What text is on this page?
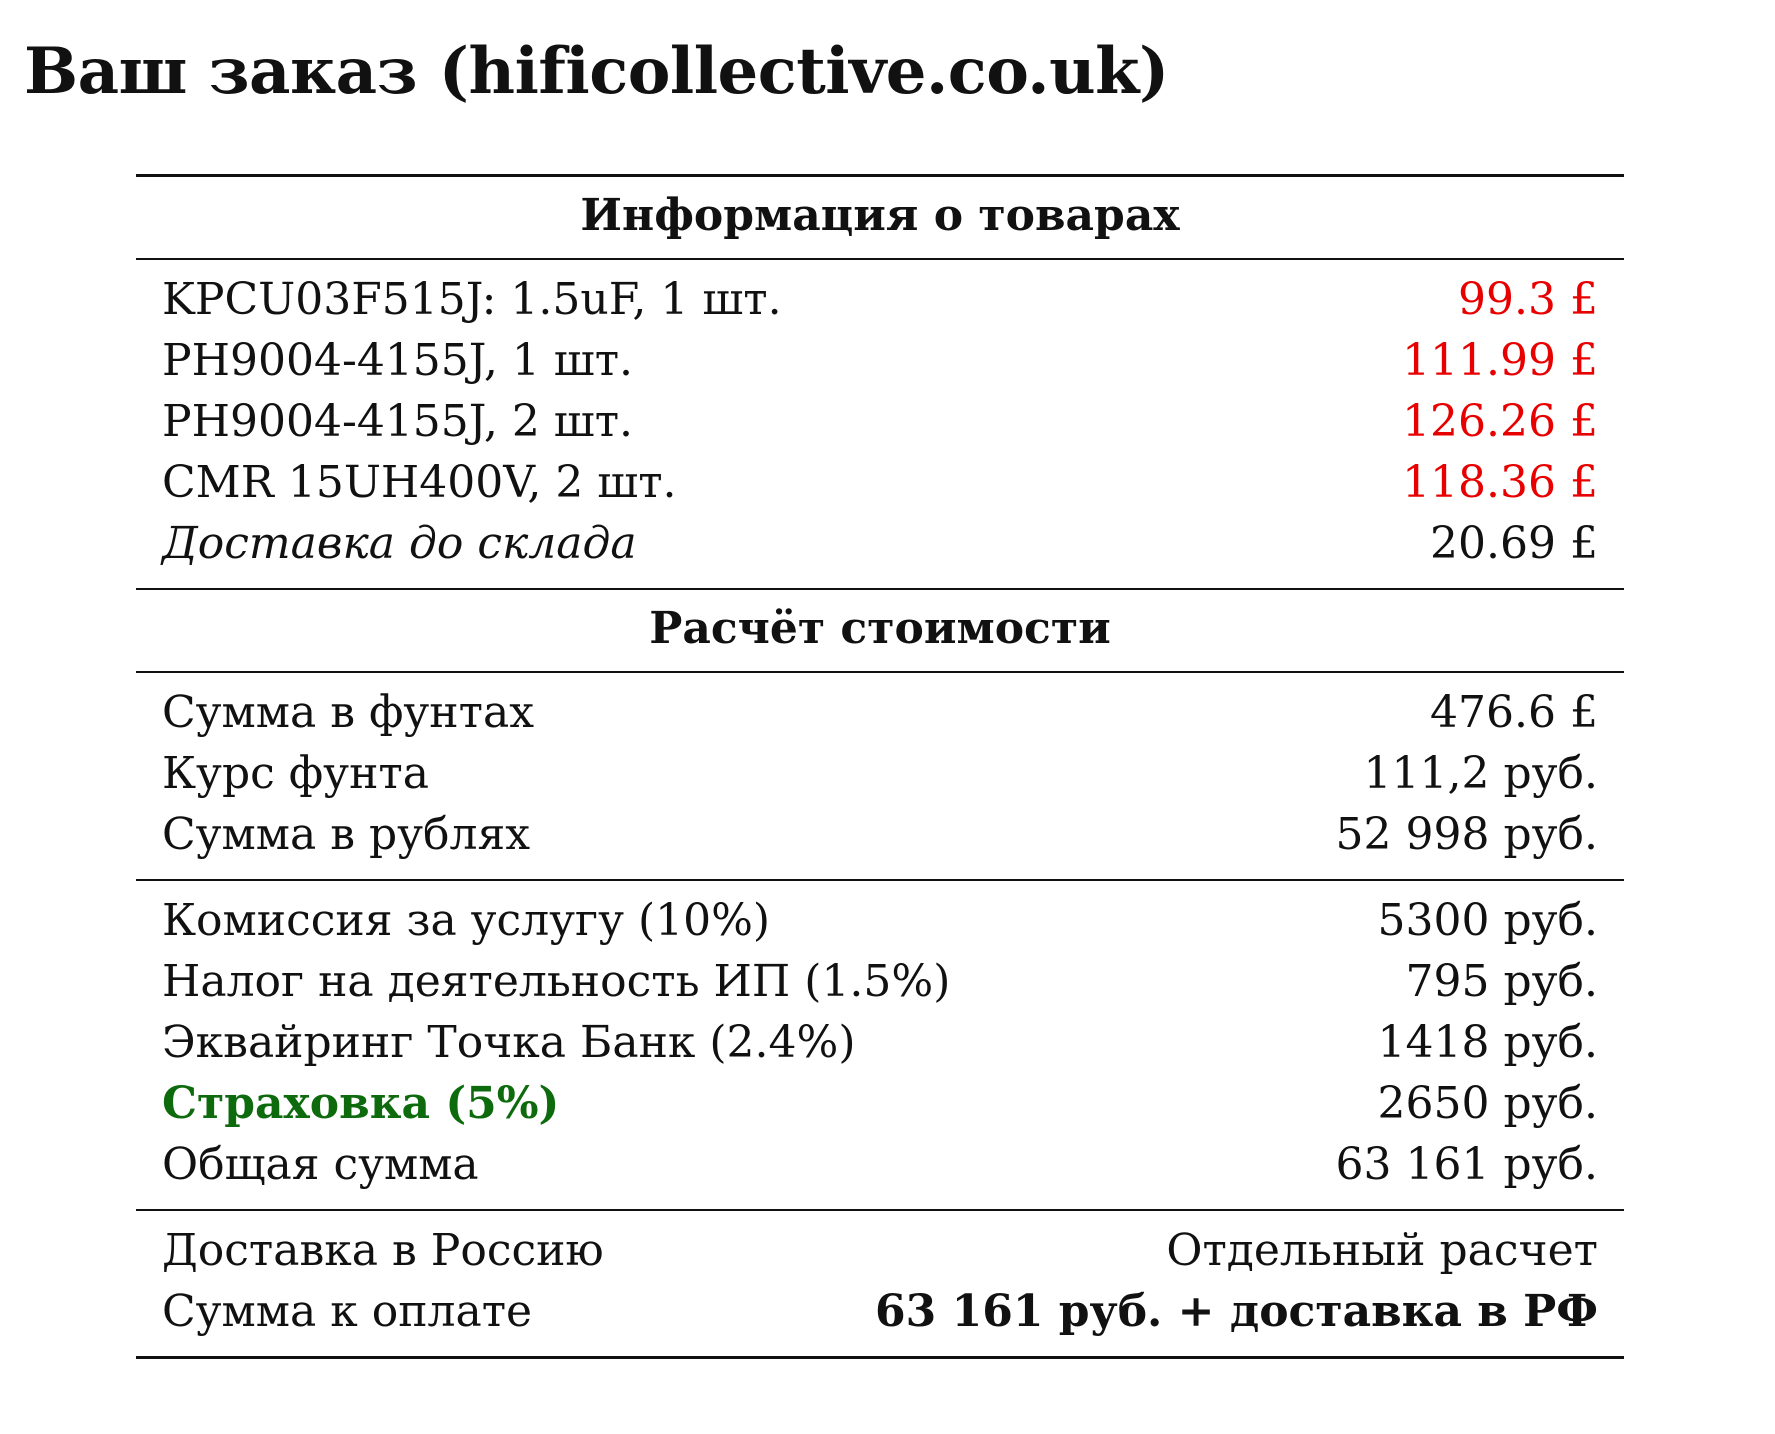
Ваш заказ (hificollective.co.uk)
Информация о товарах
KPCU03F515J: 1.5uF, 1 шт.	99.3 £
PH9004-4155J, 1 шт.	111.99 £
PH9004-4155J, 2 шт.	126.26 £
CMR 15UH400V, 2 шт.	118.36 £
Доставка до склада	20.69 £
Расчёт стоимости
Сумма в фунтах	476.6 £
Курс фунта	111,2 руб.
Сумма в рублях	52 998 руб.
Комиссия за услугу (10%)	5300 руб.
Налог на деятельность ИП (1.5%)	795 руб.
Эквайринг Точка Банк (2.4%)	1418 руб.
Страховка (5%)	2650 руб.
Общая сумма	63 161 руб.
Доставка в Россию	Отдельный расчет
Сумма к оплате	63 161 руб. + доставка в РФ
